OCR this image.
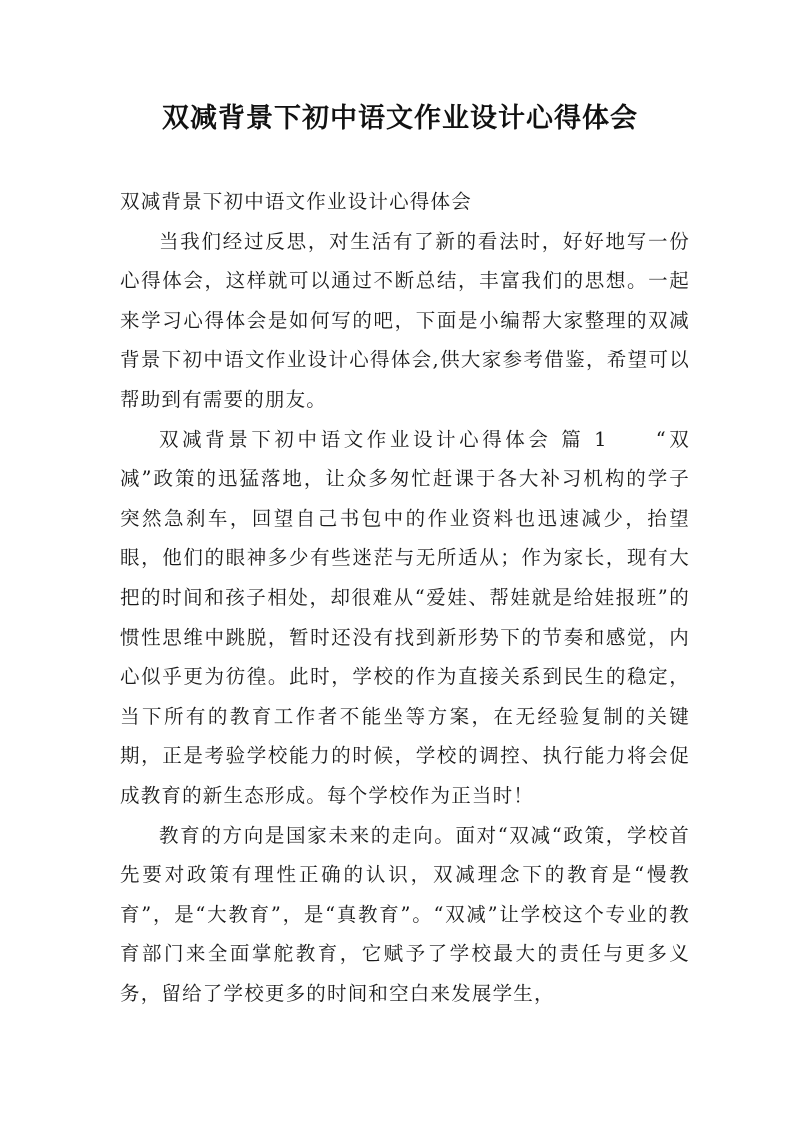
双减背景下初中语文作业设计心得体会

双减背景下初中语文作业设计心得体会

当我们经过反思，对生活有了新的看法时，好好地写一份心得体会，这样就可以通过不断总结，丰富我们的思想。一起来学习心得体会是如何写的吧，下面是小编帮大家整理的双减背景下初中语文作业设计心得体会,供大家参考借鉴，希望可以帮助到有需要的朋友。

双减背景下初中语文作业设计心得体会 篇 1 “双减”政策的迅猛落地，让众多匆忙赶课于各大补习机构的学子突然急刹车，回望自己书包中的作业资料也迅速减少，抬望眼，他们的眼神多少有些迷茫与无所适从；作为家长，现有大把的时间和孩子相处，却很难从“爱娃、帮娃就是给娃报班”的惯性思维中跳脱，暂时还没有找到新形势下的节奏和感觉，内心似乎更为彷徨。此时，学校的作为直接关系到民生的稳定，当下所有的教育工作者不能坐等方案，在无经验复制的关键期，正是考验学校能力的时候，学校的调控、执行能力将会促成教育的新生态形成。每个学校作为正当时！

教育的方向是国家未来的走向。面对“双减“政策，学校首先要对政策有理性正确的认识，双减理念下的教育是“慢教育”，是“大教育”，是“真教育”。“双减”让学校这个专业的教育部门来全面掌舵教育，它赋予了学校最大的责任与更多义务，留给了学校更多的时间和空白来发展学生，
